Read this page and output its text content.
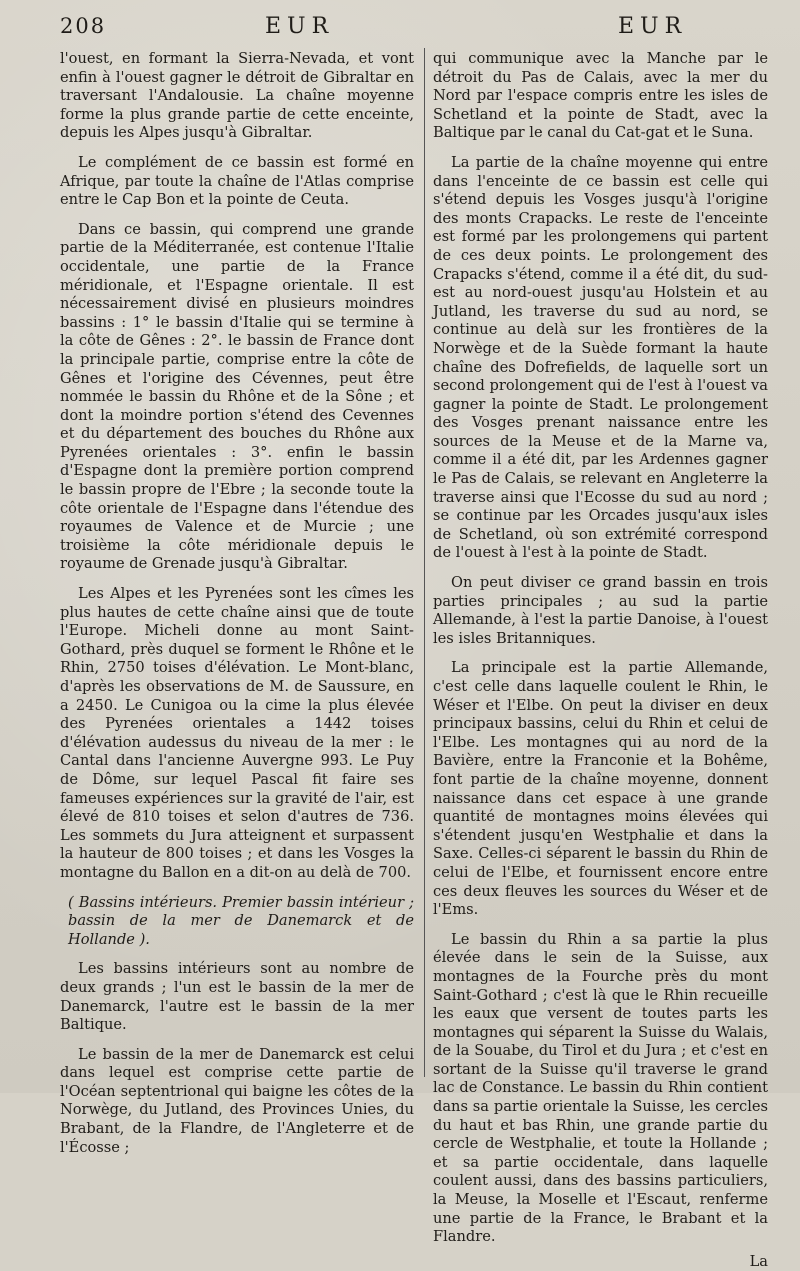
208	EUR	EUR

l'ouest, en formant la Sierra-Nevada, et vont enfin à l'ouest gagner le détroit de Gibraltar en traversant l'Andalousie. La chaîne moyenne forme la plus grande partie de cette enceinte, depuis les Alpes jusqu'à Gibraltar.

Le complément de ce bassin est formé en Afrique, par toute la chaîne de l'Atlas comprise entre le Cap Bon et la pointe de Ceuta.

Dans ce bassin, qui comprend une grande partie de la Méditerranée, est contenue l'Italie occidentale, une partie de la France méridionale, et l'Espagne orientale. Il est nécessairement divisé en plusieurs moindres bassins : 1° le bassin d'Italie qui se termine à la côte de Gênes : 2°. le bassin de France dont la principale partie, comprise entre la côte de Gênes et l'origine des Cévennes, peut être nommée le bassin du Rhône et de la Sône ; et dont la moindre portion s'étend des Cevennes et du département des bouches du Rhône aux Pyrenées orientales : 3°. enfin le bassin d'Espagne dont la première portion comprend le bassin propre de l'Ebre ; la seconde toute la côte orientale de l'Espagne dans l'étendue des royaumes de Valence et de Murcie ; une troisième la côte méridionale depuis le royaume de Grenade jusqu'à Gibraltar.

Les Alpes et les Pyrenées sont les cîmes les plus hautes de cette chaîne ainsi que de toute l'Europe. Micheli donne au mont Saint-Gothard, près duquel se forment le Rhône et le Rhin, 2750 toises d'élévation. Le Mont-blanc, d'après les observations de M. de Saussure, en a 2450. Le Cunigoa ou la cime la plus élevée des Pyrenées orientales a 1442 toises d'élévation audessus du niveau de la mer : le Cantal dans l'ancienne Auvergne 993. Le Puy de Dôme, sur lequel Pascal fit faire ses fameuses expériences sur la gravité de l'air, est élevé de 810 toises et selon d'autres de 736. Les sommets du Jura atteignent et surpassent la hauteur de 800 toises ; et dans les Vosges la montagne du Ballon en a dit-on au delà de 700.

( Bassins intérieurs. Premier bassin intérieur ; bassin de la mer de Danemarck et de Hollande ).

Les bassins intérieurs sont au nombre de deux grands ; l'un est le bassin de la mer de Danemarck, l'autre est le bassin de la mer Baltique.

Le bassin de la mer de Danemarck est celui dans lequel est comprise cette partie de l'Océan septentrional qui baigne les côtes de la Norwège, du Jutland, des Provinces Unies, du Brabant, de la Flandre, de l'Angleterre et de l'Écosse ;

qui communique avec la Manche par le détroit du Pas de Calais, avec la mer du Nord par l'espace compris entre les isles de Schetland et la pointe de Stadt, avec la Baltique par le canal du Cat-gat et le Suna.

La partie de la chaîne moyenne qui entre dans l'enceinte de ce bassin est celle qui s'étend depuis les Vosges jusqu'à l'origine des monts Crapacks. Le reste de l'enceinte est formé par les prolongemens qui partent de ces deux points. Le prolongement des Crapacks s'étend, comme il a été dit, du sud-est au nord-ouest jusqu'au Holstein et au Jutland, les traverse du sud au nord, se continue au delà sur les frontières de la Norwège et de la Suède formant la haute chaîne des Dofrefields, de laquelle sort un second prolongement qui de l'est à l'ouest va gagner la pointe de Stadt. Le prolongement des Vosges prenant naissance entre les sources de la Meuse et de la Marne va, comme il a été dit, par les Ardennes gagner le Pas de Calais, se relevant en Angleterre la traverse ainsi que l'Ecosse du sud au nord ; se continue par les Orcades jusqu'aux isles de Schetland, où son extrémité correspond de l'ouest à l'est à la pointe de Stadt.

On peut diviser ce grand bassin en trois parties principales ; au sud la partie Allemande, à l'est la partie Danoise, à l'ouest les isles Britanniques.

La principale est la partie Allemande, c'est celle dans laquelle coulent le Rhin, le Wéser et l'Elbe. On peut la diviser en deux principaux bassins, celui du Rhin et celui de l'Elbe. Les montagnes qui au nord de la Bavière, entre la Franconie et la Bohême, font partie de la chaîne moyenne, donnent naissance dans cet espace à une grande quantité de montagnes moins élevées qui s'étendent jusqu'en Westphalie et dans la Saxe. Celles-ci séparent le bassin du Rhin de celui de l'Elbe, et fournissent encore entre ces deux fleuves les sources du Wéser et de l'Ems.

Le bassin du Rhin a sa partie la plus élevée dans le sein de la Suisse, aux montagnes de la Fourche près du mont Saint-Gothard ; c'est là que le Rhin recueille les eaux que versent de toutes parts les montagnes qui séparent la Suisse du Walais, de la Souabe, du Tirol et du Jura ; et c'est en sortant de la Suisse qu'il traverse le grand lac de Constance. Le bassin du Rhin contient dans sa partie orientale la Suisse, les cercles du haut et bas Rhin, une grande partie du cercle de Westphalie, et toute la Hollande ; et sa partie occidentale, dans laquelle coulent aussi, dans des bassins particuliers, la Meuse, la Moselle et l'Escaut, renferme une partie de la France, le Brabant et la Flandre.

La
